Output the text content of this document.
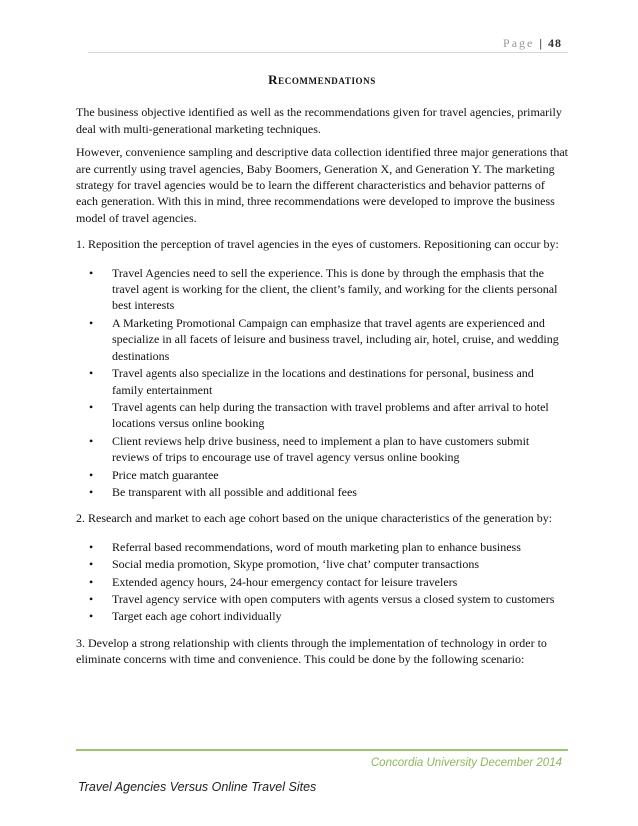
Page | 48
Recommendations

The business objective identified as well as the recommendations given for travel agencies, primarily deal with multi-generational marketing techniques.

However, convenience sampling and descriptive data collection identified three major generations that are currently using travel agencies, Baby Boomers, Generation X, and Generation Y. The marketing strategy for travel agencies would be to learn the different characteristics and behavior patterns of each generation. With this in mind, three recommendations were developed to improve the business model of travel agencies.

1. Reposition the perception of travel agencies in the eyes of customers. Repositioning can occur by:

• Travel Agencies need to sell the experience. This is done by through the emphasis that the travel agent is working for the client, the client’s family, and working for the clients personal best interests
• A Marketing Promotional Campaign can emphasize that travel agents are experienced and specialize in all facets of leisure and business travel, including air, hotel, cruise, and wedding destinations
• Travel agents also specialize in the locations and destinations for personal, business and family entertainment
• Travel agents can help during the transaction with travel problems and after arrival to hotel locations versus online booking
• Client reviews help drive business, need to implement a plan to have customers submit reviews of trips to encourage use of travel agency versus online booking
• Price match guarantee
• Be transparent with all possible and additional fees

2. Research and market to each age cohort based on the unique characteristics of the generation by:

• Referral based recommendations, word of mouth marketing plan to enhance business
• Social media promotion, Skype promotion, ‘live chat’ computer transactions
• Extended agency hours, 24-hour emergency contact for leisure travelers
• Travel agency service with open computers with agents versus a closed system to customers
• Target each age cohort individually

3. Develop a strong relationship with clients through the implementation of technology in order to eliminate concerns with time and convenience. This could be done by the following scenario:

Concordia University December 2014
Travel Agencies Versus Online Travel Sites
